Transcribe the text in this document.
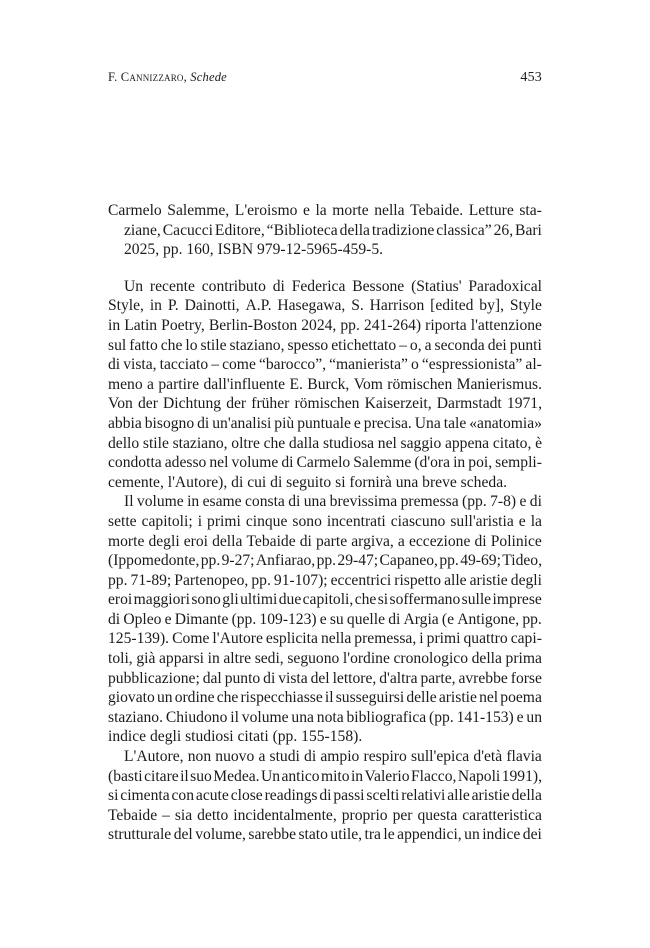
F. Cannizzaro, Schede	453
Carmelo Salemme, L'eroismo e la morte nella Tebaide. Letture sta-
ziane, Cacucci Editore, “Biblioteca della tradizione classica” 26, Bari
2025, pp. 160, ISBN 979-12-5965-459-5.
Un recente contributo di Federica Bessone (Statius' Paradoxical
Style, in P. Dainotti, A.P. Hasegawa, S. Harrison [edited by], Style
in Latin Poetry, Berlin-Boston 2024, pp. 241-264) riporta l'attenzione
sul fatto che lo stile staziano, spesso etichettato – o, a seconda dei punti
di vista, tacciato – come “barocco”, “manierista” o “espressionista” al-
meno a partire dall'influente E. Burck, Vom römischen Manierismus.
Von der Dichtung der früher römischen Kaiserzeit, Darmstadt 1971,
abbia bisogno di un'analisi più puntuale e precisa. Una tale «anatomia»
dello stile staziano, oltre che dalla studiosa nel saggio appena citato, è
condotta adesso nel volume di Carmelo Salemme (d'ora in poi, sempli-
cemente, l'Autore), di cui di seguito si fornirà una breve scheda.
Il volume in esame consta di una brevissima premessa (pp. 7-8) e di
sette capitoli; i primi cinque sono incentrati ciascuno sull'aristia e la
morte degli eroi della Tebaide di parte argiva, a eccezione di Polinice
(Ippomedonte, pp. 9-27; Anfiarao, pp. 29-47; Capaneo, pp. 49-69; Tideo,
pp. 71-89; Partenopeo, pp. 91-107); eccentrici rispetto alle aristie degli
eroi maggiori sono gli ultimi due capitoli, che si soffermano sulle imprese
di Opleo e Dimante (pp. 109-123) e su quelle di Argia (e Antigone, pp.
125-139). Come l'Autore esplicita nella premessa, i primi quattro capi-
toli, già apparsi in altre sedi, seguono l'ordine cronologico della prima
pubblicazione; dal punto di vista del lettore, d'altra parte, avrebbe forse
giovato un ordine che rispecchiasse il susseguirsi delle aristie nel poema
staziano. Chiudono il volume una nota bibliografica (pp. 141-153) e un
indice degli studiosi citati (pp. 155-158).
L'Autore, non nuovo a studi di ampio respiro sull'epica d'età flavia
(basti citare il suo Medea. Un antico mito in Valerio Flacco, Napoli 1991),
si cimenta con acute close readings di passi scelti relativi alle aristie della
Tebaide – sia detto incidentalmente, proprio per questa caratteristica
strutturale del volume, sarebbe stato utile, tra le appendici, un indice dei
